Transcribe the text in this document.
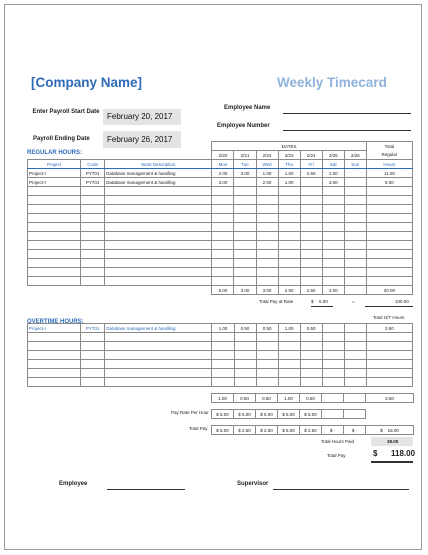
[Company Name]	Weekly Timecard
Enter Payroll Start Date February 20, 2017
Payroll Ending Date February 26, 2017
Employee Name
Employee Number
REGULAR HOURS:
OVERTIME HOURS:
			DATES							Total
			2/20	2/21	2/22	2/23	2/24	2/25	2/26	Regular
Project	Code	Work Description	Mon	Tue	Wed	Thu	Fri	Sat	Sun	Hours
Project-I	PY701	Database management & handling	2.00	3.00	1.00	1.50	2.50	1.00		11.00
Project-I	PY701	Database management & handling	3.00		2.00	1.00		3.00		9.00

			5.00	3.00	3.00	2.50	2.50	4.00		20.00
Total Pay at Rate	$ 5.00	=	100.00
Total O/T Hours
Project-I	PY701	Database management & handling	1.00	0.50	0.50	1.00	0.50			3.50

1.00	0.50	0.50	1.00	0.50			3.50

$ 5.00	$ 5.00	$ 5.00	$ 5.00	$ 5.00			

$ 5.00	$ 2.50	$ 2.50	$ 5.00	$ 2.50	$ -	$ -	$    18.00
Pay Rate Per Hour
Total Pay
Total Hours Paid	38.00
Total Pay	$ 118.00
Employee	Supervisor
